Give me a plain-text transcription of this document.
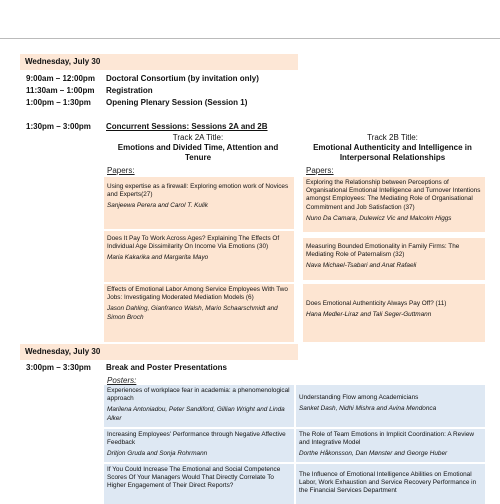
Wednesday, July 30
9:00am – 12:00pm Doctoral Consortium (by invitation only)
11:30am – 1:00pm Registration
1:00pm – 1:30pm Opening Plenary Session (Session 1)
1:30pm – 3:00pm Concurrent Sessions: Sessions 2A and 2B
Track 2A Title:
Emotions and Divided Time, Attention and Tenure
Track 2B Title:
Emotional Authenticity and Intelligence in Interpersonal Relationships
Papers:	Papers:
Using expertise as a firewall: Exploring emotion work of Novices and Experts(27)
Sanjeewa Perera and Carol T. Kulik
Does It Pay To Work Across Ages? Explaining The Effects Of Individual Age Dissimilarity On Income Via Emotions (30)
Maria Kakarika and Margarita Mayo
Effects of Emotional Labor Among Service Employees With Two Jobs: Investigating Moderated Mediation Models (6)
Jason Dahling, Gianfranco Walsh, Mario Schaarschmidt and Simon Broch
Exploring the Relationship between Perceptions of Organisational Emotional Intelligence and Turnover Intentions amongst Employees: The Mediating Role of Organisational Commitment and Job Satisfaction (37)
Nuno Da Camara, Dulewicz Vic and Malcolm Higgs
Measuring Bounded Emotionality in Family Firms: The Mediating Role of Paternalism (32)
Nava Michael-Tsabari and Anat Rafaeli
Does Emotional Authenticity Always Pay Off? (11)
Hana Medler-Liraz and Tali Seger-Guttmann
Wednesday, July 30
3:00pm – 3:30pm Break and Poster Presentations
Posters:
Experiences of workplace fear in academia: a phenomenological approach
Marilena Antoniadou, Peter Sandiford, Gillian Wright and Linda Alker
Increasing Employees' Performance through Negative Affective Feedback
Dritjon Gruda and Sonja Rohrmann
If You Could Increase The Emotional and Social Competence Scores Of Your Managers Would That Directly Correlate To Higher Engagement of Their Direct Reports?
Understanding Flow among Academicians
Sanket Dash, Nidhi Mishra and Avina Mendonca
The Role of Team Emotions in Implicit Coordination: A Review and Integrative Model
Dorthe Håkonsson, Dan Mønster and George Huber
The Influence of Emotional Intelligence Abilities on Emotional Labor, Work Exhaustion and Service Recovery Performance in the Financial Services Department
